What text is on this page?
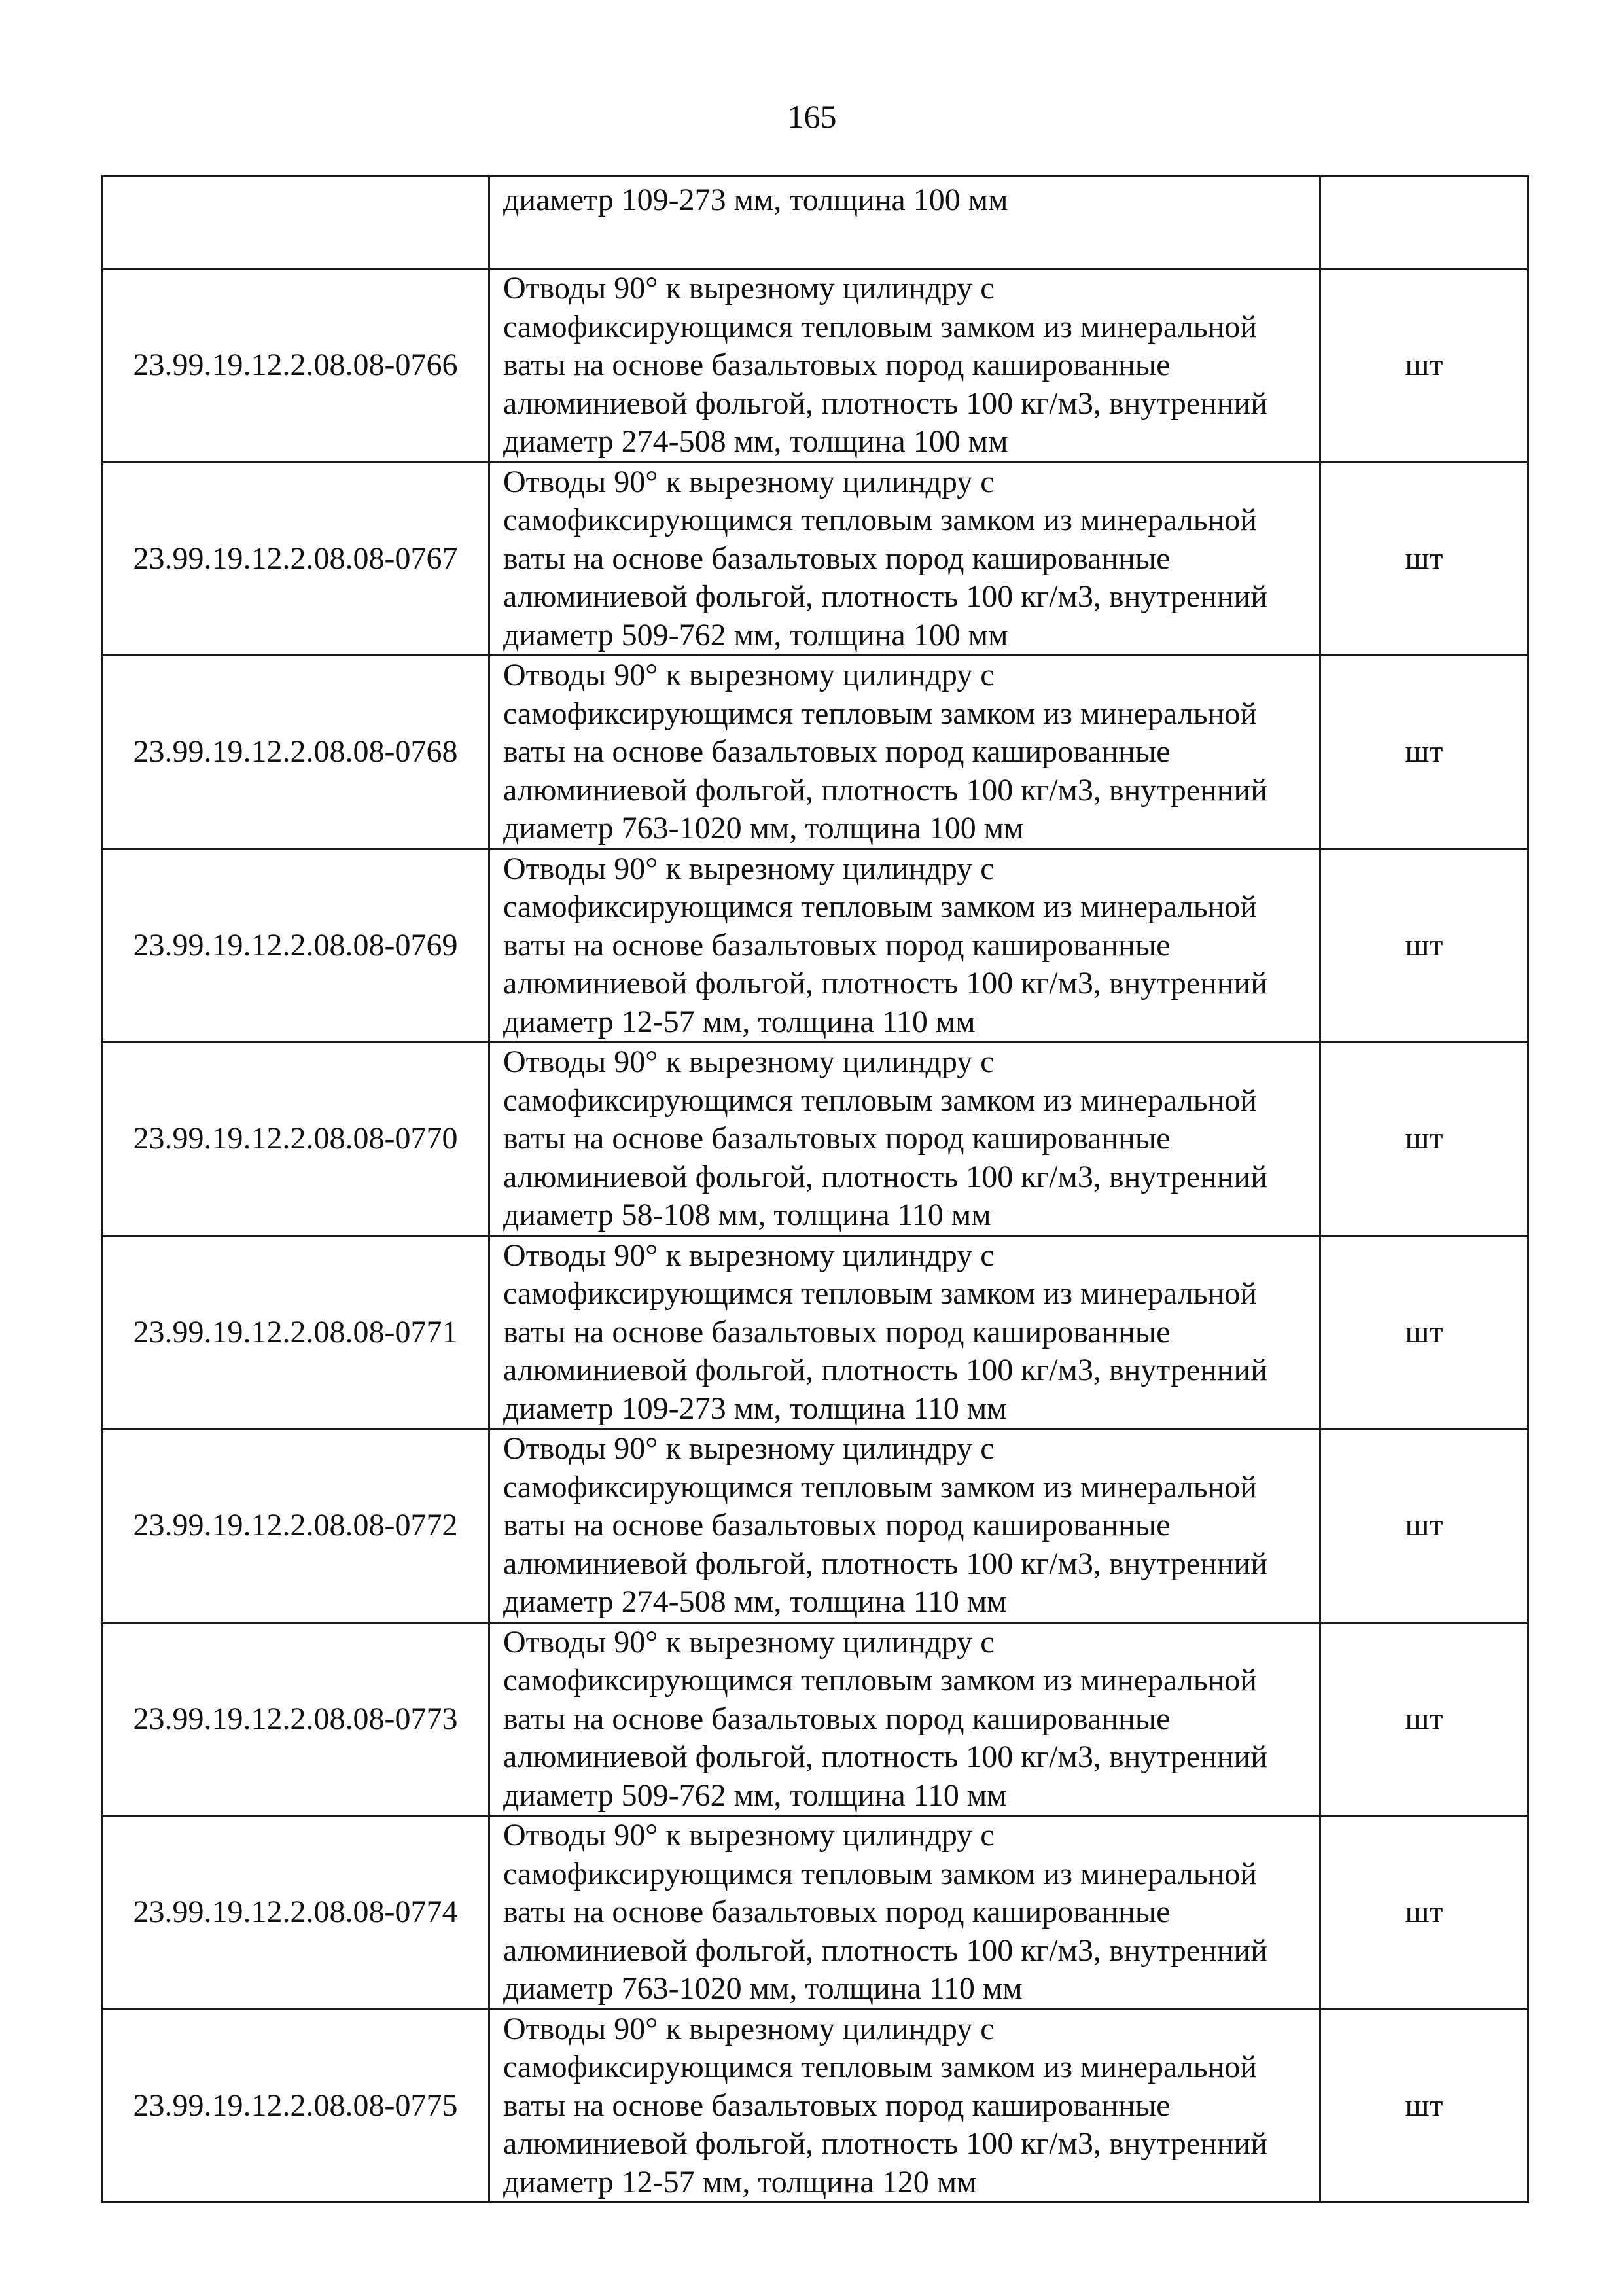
165

	диаметр 109-273 мм, толщина 100 мм	

23.99.19.12.2.08.08-0766	Отводы 90° к вырезному цилиндру с
самофиксирующимся тепловым замком из минеральной
ваты на основе базальтовых пород кашированные
алюминиевой фольгой, плотность 100 кг/м3, внутренний
диаметр 274-508 мм, толщина 100 мм	шт
23.99.19.12.2.08.08-0767	Отводы 90° к вырезному цилиндру с
самофиксирующимся тепловым замком из минеральной
ваты на основе базальтовых пород кашированные
алюминиевой фольгой, плотность 100 кг/м3, внутренний
диаметр 509-762 мм, толщина 100 мм	шт
23.99.19.12.2.08.08-0768	Отводы 90° к вырезному цилиндру с
самофиксирующимся тепловым замком из минеральной
ваты на основе базальтовых пород кашированные
алюминиевой фольгой, плотность 100 кг/м3, внутренний
диаметр 763-1020 мм, толщина 100 мм	шт
23.99.19.12.2.08.08-0769	Отводы 90° к вырезному цилиндру с
самофиксирующимся тепловым замком из минеральной
ваты на основе базальтовых пород кашированные
алюминиевой фольгой, плотность 100 кг/м3, внутренний
диаметр 12-57 мм, толщина 110 мм	шт
23.99.19.12.2.08.08-0770	Отводы 90° к вырезному цилиндру с
самофиксирующимся тепловым замком из минеральной
ваты на основе базальтовых пород кашированные
алюминиевой фольгой, плотность 100 кг/м3, внутренний
диаметр 58-108 мм, толщина 110 мм	шт
23.99.19.12.2.08.08-0771	Отводы 90° к вырезному цилиндру с
самофиксирующимся тепловым замком из минеральной
ваты на основе базальтовых пород кашированные
алюминиевой фольгой, плотность 100 кг/м3, внутренний
диаметр 109-273 мм, толщина 110 мм	шт
23.99.19.12.2.08.08-0772	Отводы 90° к вырезному цилиндру с
самофиксирующимся тепловым замком из минеральной
ваты на основе базальтовых пород кашированные
алюминиевой фольгой, плотность 100 кг/м3, внутренний
диаметр 274-508 мм, толщина 110 мм	шт
23.99.19.12.2.08.08-0773	Отводы 90° к вырезному цилиндру с
самофиксирующимся тепловым замком из минеральной
ваты на основе базальтовых пород кашированные
алюминиевой фольгой, плотность 100 кг/м3, внутренний
диаметр 509-762 мм, толщина 110 мм	шт
23.99.19.12.2.08.08-0774	Отводы 90° к вырезному цилиндру с
самофиксирующимся тепловым замком из минеральной
ваты на основе базальтовых пород кашированные
алюминиевой фольгой, плотность 100 кг/м3, внутренний
диаметр 763-1020 мм, толщина 110 мм	шт
23.99.19.12.2.08.08-0775	Отводы 90° к вырезному цилиндру с
самофиксирующимся тепловым замком из минеральной
ваты на основе базальтовых пород кашированные
алюминиевой фольгой, плотность 100 кг/м3, внутренний
диаметр 12-57 мм, толщина 120 мм	шт
